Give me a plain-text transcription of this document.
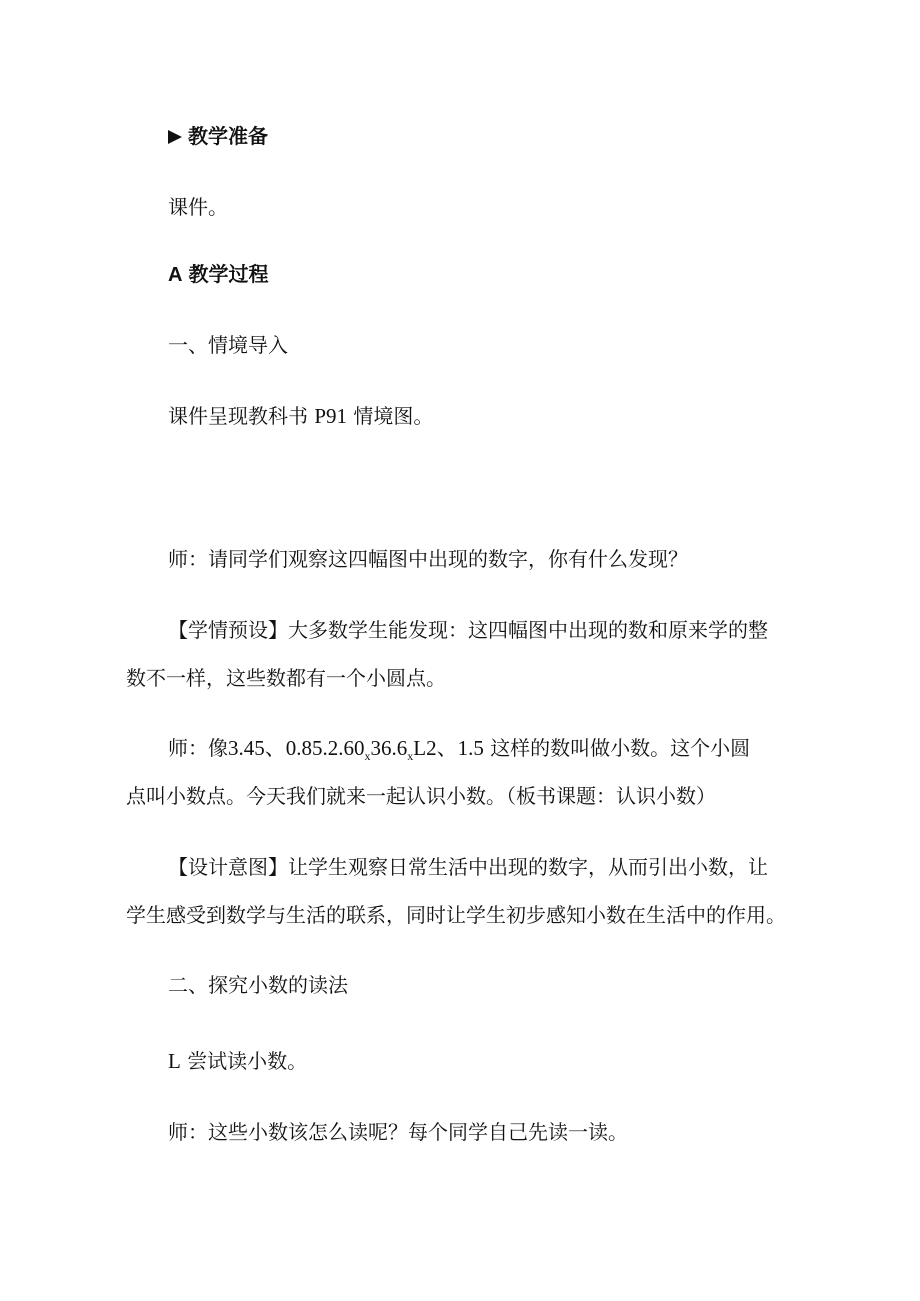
教学准备
课件。
A 教学过程
一、情境导入
课件呈现教科书 P91 情境图。
师：请同学们观察这四幅图中出现的数字，你有什么发现？
【学情预设】大多数学生能发现：这四幅图中出现的数和原来学的整
数不一样，这些数都有一个小圆点。
师：像3.45、$0.85.2.60_x36.6_xL2$、1.5 这样的数叫做小数。这个小圆
点叫小数点。今天我们就来一起认识小数。（板书课题：认识小数）
【设计意图】让学生观察日常生活中出现的数字，从而引出小数，让
学生感受到数学与生活的联系，同时让学生初步感知小数在生活中的作用。
二、探究小数的读法
L 尝试读小数。
师：这些小数该怎么读呢？每个同学自己先读一读。
